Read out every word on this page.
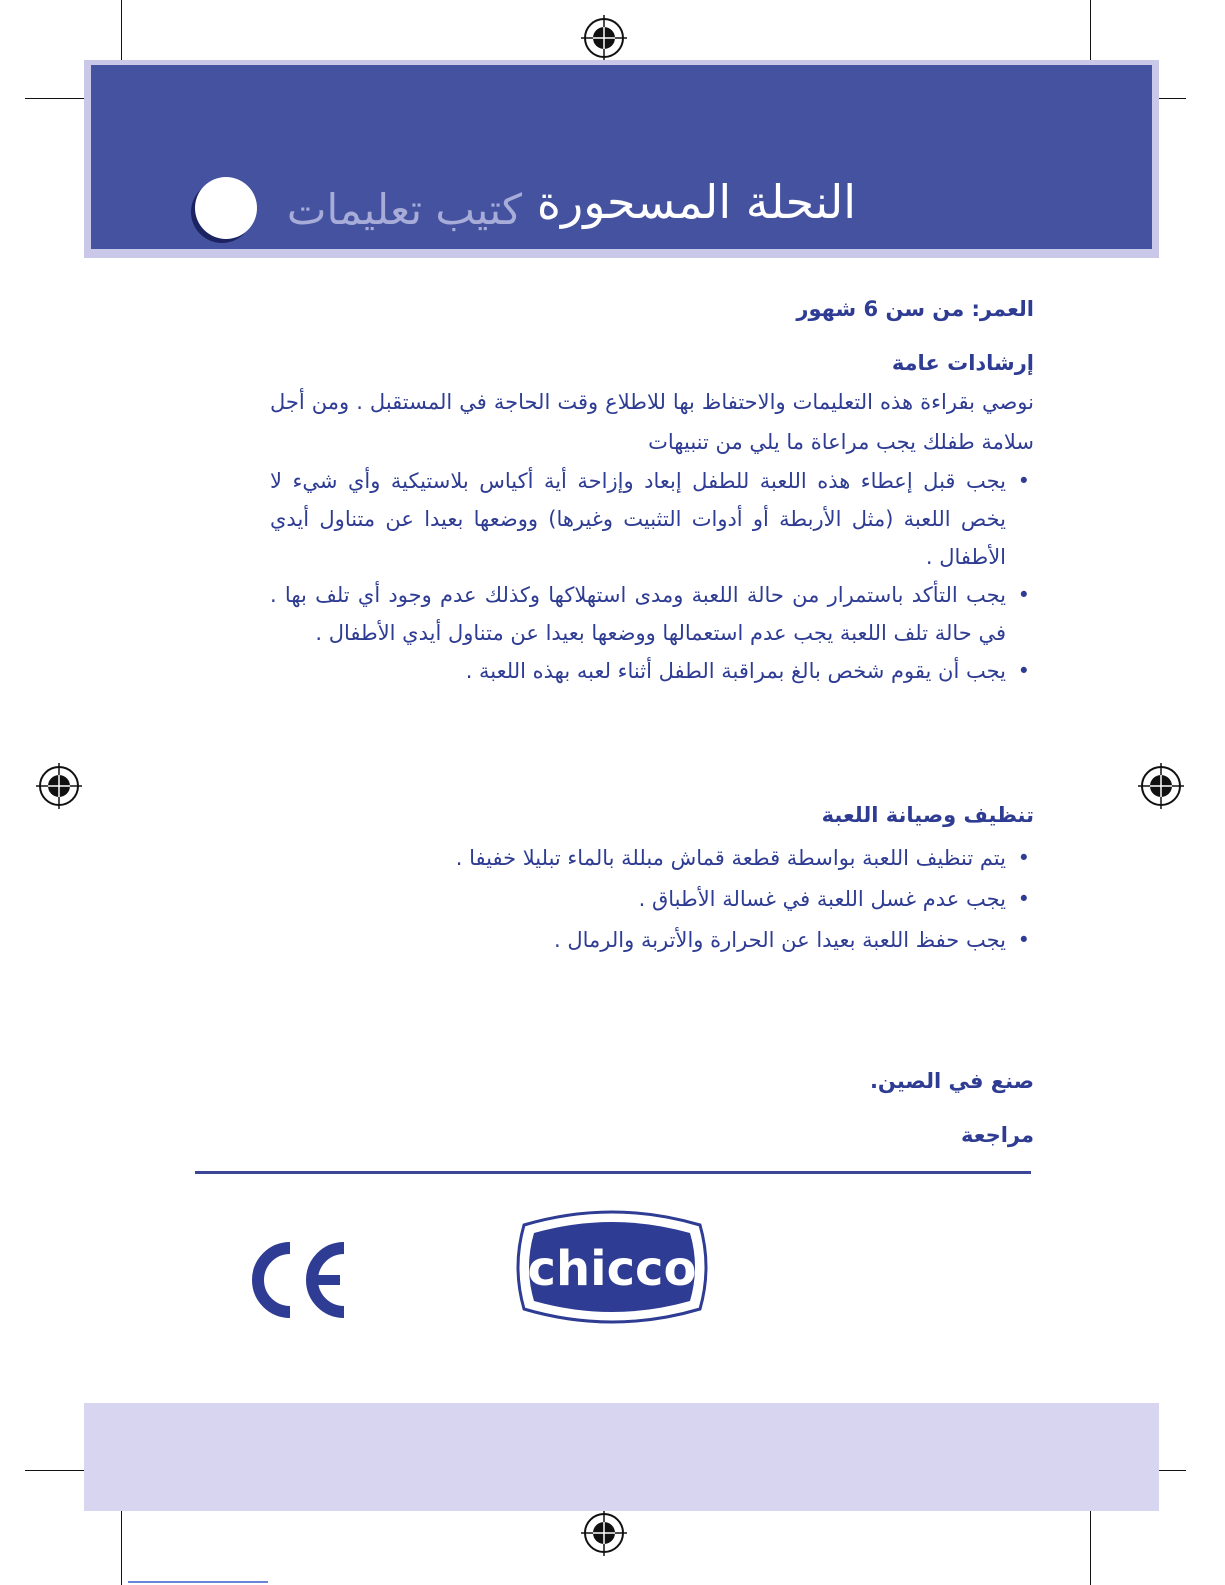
كتيب تعليمات النحلة المسحورة
العمر: من سن 6 شهور
إرشادات عامة
نوصي بقراءة هذه التعليمات والاحتفاظ بها للاطلاع وقت الحاجة في المستقبل . ومن أجل سلامة طفلك يجب مراعاة ما يلي من تنبيهات
• يجب قبل إعطاء هذه اللعبة للطفل إبعاد وإزاحة أية أكياس بلاستيكية وأي شيء لا يخص اللعبة (مثل الأربطة أو أدوات التثبيت وغيرها) ووضعها بعيدا عن متناول أيدي الأطفال .
• يجب التأكد باستمرار من حالة اللعبة ومدى استهلاكها وكذلك عدم وجود أي تلف بها . في حالة تلف اللعبة يجب عدم استعمالها ووضعها بعيدا عن متناول أيدي الأطفال .
• يجب أن يقوم شخص بالغ بمراقبة الطفل أثناء لعبه بهذه اللعبة .
تنظيف وصيانة اللعبة
• يتم تنظيف اللعبة بواسطة قطعة قماش مبللة بالماء تبليلا خفيفا .
• يجب عدم غسل اللعبة في غسالة الأطباق .
• يجب حفظ اللعبة بعيدا عن الحرارة والأتربة والرمال .
صنع في الصين.
مراجعة
CE	chicco
